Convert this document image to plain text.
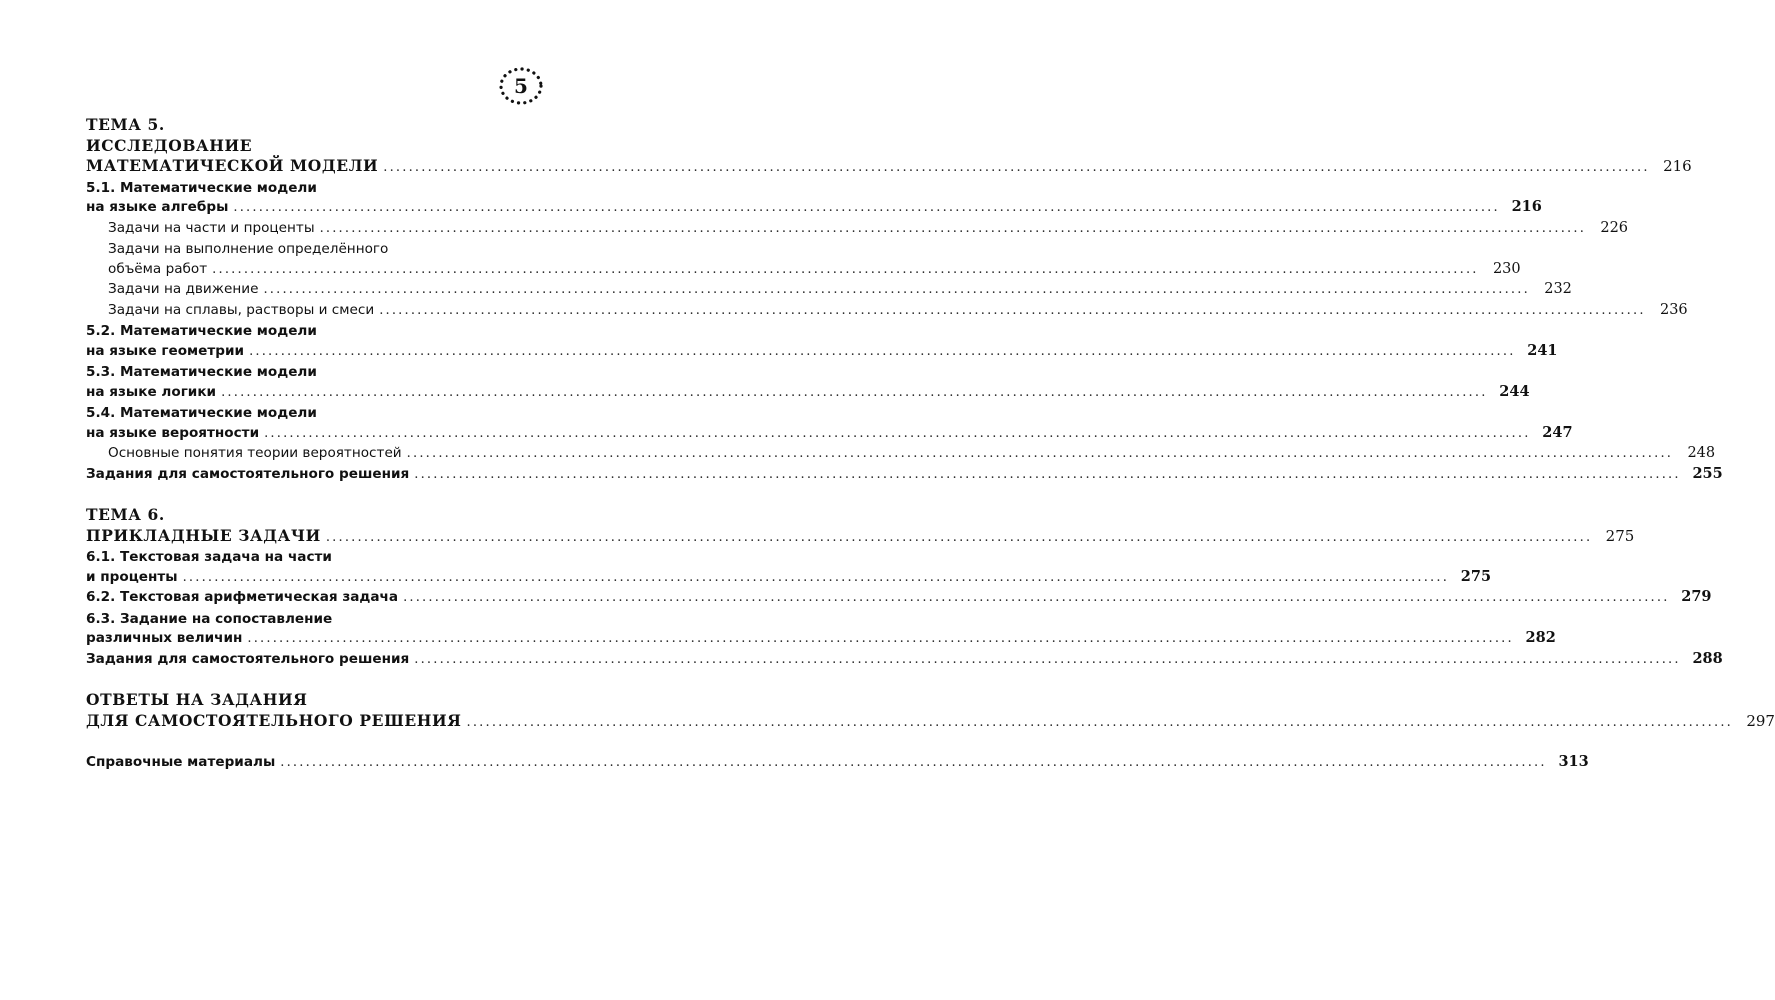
5
ТЕМА 5.
ИССЛЕДОВАНИЕ
МАТЕМАТИЧЕСКОЙ МОДЕЛИ ........................................................................................................................................................................................................ 216
5.1. Математические модели
на языке алгебры ........................................................................................................................................................................................................ 216
Задачи на части и проценты ........................................................................................................................................................................................................ 226
Задачи на выполнение определённого
объёма работ ........................................................................................................................................................................................................ 230
Задачи на движение ........................................................................................................................................................................................................ 232
Задачи на сплавы, растворы и смеси ........................................................................................................................................................................................................ 236
5.2. Математические модели
на языке геометрии ........................................................................................................................................................................................................ 241
5.3. Математические модели
на языке логики ........................................................................................................................................................................................................ 244
5.4. Математические модели
на языке вероятности ........................................................................................................................................................................................................ 247
Основные понятия теории вероятностей ........................................................................................................................................................................................................ 248
Задания для самостоятельного решения ........................................................................................................................................................................................................ 255
ТЕМА 6.
ПРИКЛАДНЫЕ ЗАДАЧИ ........................................................................................................................................................................................................ 275
6.1. Текстовая задача на части
и проценты ........................................................................................................................................................................................................ 275
6.2. Текстовая арифметическая задача ........................................................................................................................................................................................................ 279
6.3. Задание на сопоставление
различных величин ........................................................................................................................................................................................................ 282
Задания для самостоятельного решения ........................................................................................................................................................................................................ 288
ОТВЕТЫ НА ЗАДАНИЯ
ДЛЯ САМОСТОЯТЕЛЬНОГО РЕШЕНИЯ ........................................................................................................................................................................................................ 297
Справочные материалы ........................................................................................................................................................................................................ 313
